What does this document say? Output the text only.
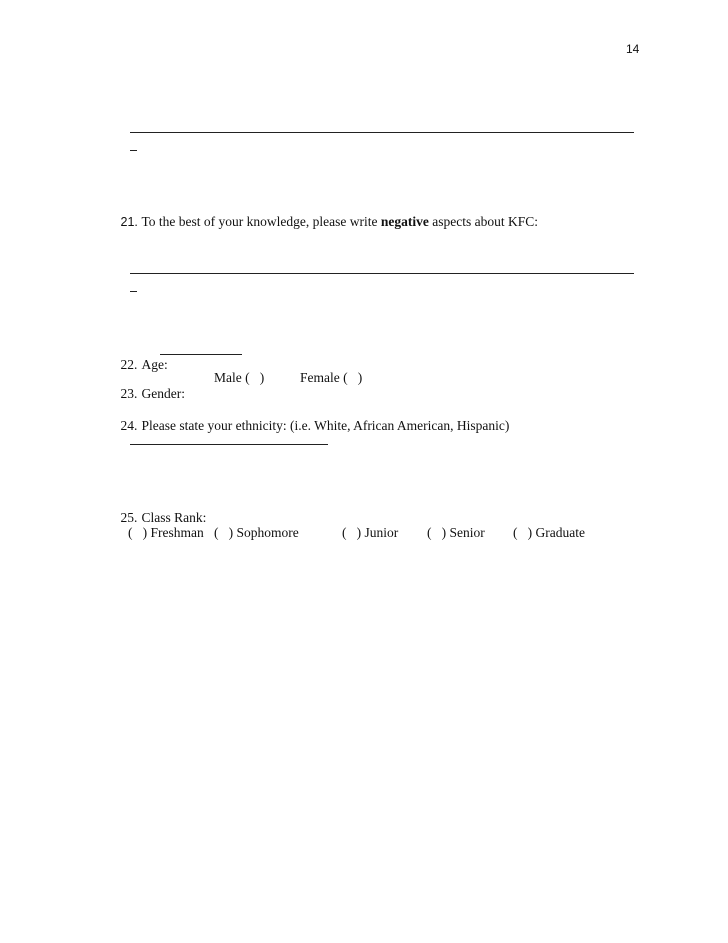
14

21. To the best of your knowledge, please write negative aspects about KFC:

22. Age:

23. Gender:

Male (   )

	Female (   )

24. Please state your ethnicity: (i.e. White, African American, Hispanic)

25. Class Rank:

(   ) Freshman

(   ) Sophomore

	(   ) Junior

(   ) Senior

(   ) Graduate
